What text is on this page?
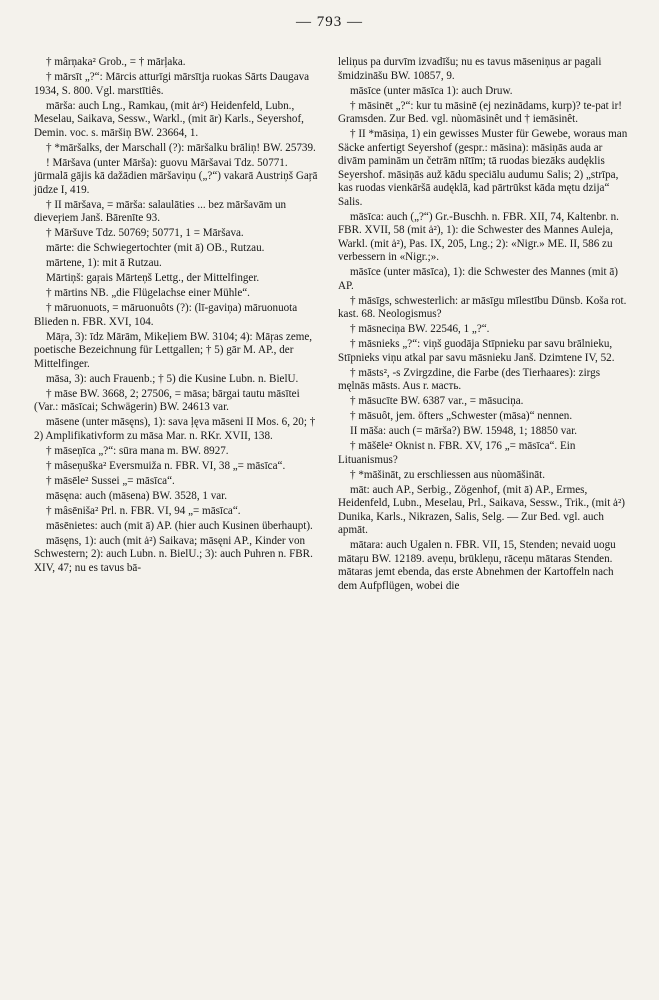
— 793 —

† mârņaka² Grob., = † mārļaka.

† mārsīt „?“: Mārcis atturīgi mārsītja ruokas Sārts Daugava 1934, S. 800. Vgl. marstītiês.

mārša: auch Lng., Ramkau, (mit ȧr²) Heidenfeld, Lubn., Meselau, Saikava, Sessw., Warkl., (mit ār) Karls., Seyershof, Demin. voc. s. māršiņ BW. 23664, 1.

† *māršalks, der Marschall (?): māršalku brāliņ! BW. 25739.

! Māršava (unter Mārša): guovu Māršavai Tdz. 50771. jūrmalā gājis kā dažādien māršaviņu („?“) vakarā Austriņš Gaŗā jūdze I, 419.

† II māršava, = mārša: salaulāties ... bez māršavām un dieveŗiem Janš. Bārenīte 93.

† Māršuve Tdz. 50769; 50771, 1 = Māršava.

mārte: die Schwiegertochter (mit ā) OB., Rutzau.

mārtene, 1): mit ā Rutzau.

Mārtiņš: gaŗais Mārteņš Lettg., der Mittelfinger.

† mārtins NB. „die Flügelachse einer Mühle“.

† māruonuots, = māruonuôts (?): (lī-gaviņa) māruonuota Blieden n. FBR. XVI, 104.

Māŗa, 3): īdz Mārām, Mikeļiem BW. 3104; 4): Māŗas zeme, poetische Bezeichnung für Lettgallen; † 5) gār M. AP., der Mittelfinger.

māsa, 3): auch Frauenb.; † 5) die Kusine Lubn. n. BielU.

† māse BW. 3668, 2; 27506, = māsa; bārgai tautu māsītei (Var.: māsīcai; Schwägerin) BW. 24613 var.

māsene (unter māsęns), 1): sava ļęva māseni II Mos. 6, 20; † 2) Amplifikativform zu māsa Mar. n. RKr. XVII, 138.

† māseņīca „?“: sūra mana m. BW. 8927.

† mâseņuška² Eversmuiža n. FBR. VI, 38 „= māsīca“.

† māsēle² Sussei „= māsīca“.

māsęna: auch (māsena) BW. 3528, 1 var.

† mâsēniša² Prl. n. FBR. VI, 94 „= māsīca“.

māsēnietes: auch (mit ā) AP. (hier auch Kusinen überhaupt).

māsęns, 1): auch (mit ȧ²) Saikava; māsęni AP., Kinder von Schwestern; 2): auch Lubn. n. BielU.; 3): auch Puhren n. FBR. XIV, 47; nu es tavus bā-

leliņus pa durvīm izvadīšu; nu es tavus māseniņus ar pagali šmidzināšu BW. 10857, 9.

māsīce (unter māsīca 1): auch Druw.

† māsinēt „?“: kur tu māsinē (ej nezinādams, kurp)? te-pat ir! Gramsden. Zur Bed. vgl. nùomāsinêt und † iemāsinêt.

† II *māsiņa, 1) ein gewisses Muster für Gewebe, woraus man Säcke anfertigt Seyershof (gespr.: māsina): māsiņās auda ar divām paminām un četrām nītīm; tā ruodas biezāks audęklis Seyershof. māsiņās auž kādu speciālu audumu Salis; 2) „strīpa, kas ruodas vienkāršā audęklā, kad pārtrūkst kāda mętu dzija“ Salis.

māsīca: auch („?“) Gr.-Buschh. n. FBR. XII, 74, Kaltenbr. n. FBR. XVII, 58 (mit ȧ²), 1): die Schwester des Mannes Auleja, Warkl. (mit ȧ²), Pas. IX, 205, Lng.; 2): «Nigr.» ME. II, 586 zu verbessern in «Nigr.;».

māsīce (unter māsīca), 1): die Schwester des Mannes (mit ā) AP.

† māsīgs, schwesterlich: ar māsīgu mīlestību Dünsb. Koša rot. kast. 68. Neologismus?

† māsneciņa BW. 22546, 1 „?“.

† māsnieks „?“: viņš guodāja Stīpnieku par savu brālnieku, Stīpnieks viņu atkal par savu māsnieku Janš. Dzimtene IV, 52.

† māsts², -s Zvirgzdine, die Farbe (des Tierhaares): zirgs męlnās māsts. Aus r. масть.

† māsucīte BW. 6387 var., = māsuciņa.

† māsuôt, jem. öfters „Schwester (māsa)“ nennen.

II māšа: auch (= mārša?) BW. 15948, 1; 18850 var.

† māšēle² Oknist n. FBR. XV, 176 „= māsīca“. Ein Lituanismus?

† *māšināt, zu erschliessen aus nùomāšināt.

māt: auch AP., Serbig., Zögenhof, (mit ā) AP., Ermes, Heidenfeld, Lubn., Meselau, Prl., Saikava, Sessw., Trik., (mit ȧ²) Dunika, Karls., Nikrazen, Salis, Selg. — Zur Bed. vgl. auch apmāt.

mātara: auch Ugalen n. FBR. VII, 15, Stenden; nevaid uogu mātaŗu BW. 12189. aveņu, brūkleņu, rāceņu mātaras Stenden. mātaras jemt ebenda, das erste Abnehmen der Kartoffeln nach dem Aufpflügen, wobei die
